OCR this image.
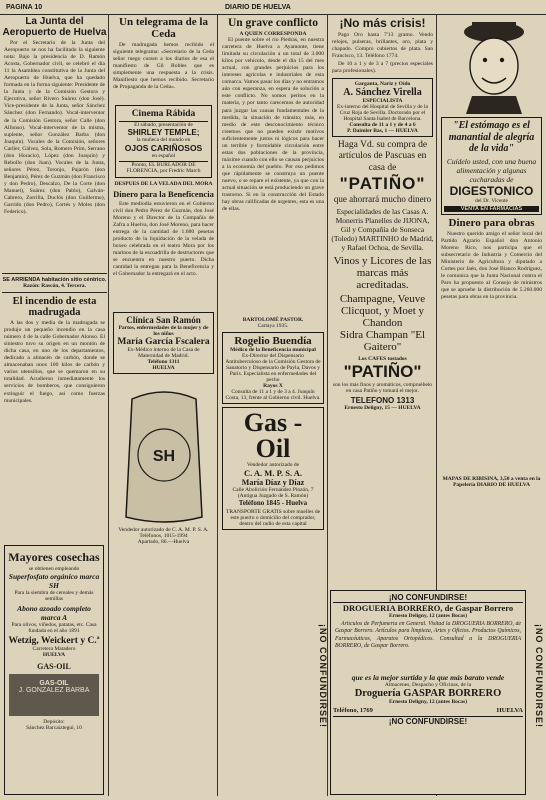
PAGINA 10	DIARIO DE HUELVA
La Junta del Aeropuerto de Huelva

Por el Secretario de la Junta del Aeropuerto se nos ha facilitado la siguiente nota: Bajo la presidencia de D. Ramón Acosta, Gobernador civil, se celebró el día 11 la Asamblea constitutiva de la Junta del Aeropuerto de Huelva, que ha quedado formada en la forma siguiente: Presidente de la Junta y de la Comisión Gestora y Ejecutiva, señor Rivero Suárez (don José). Vice-presidente de la Junta, señor Sánchez Sánchez (don Fernando). Vocal-interventor de la Comisión Gestora, señor Calle (don Alfonso). Vocal-interventor de la misma, suplente, señor González Barba (don Joaquín). Vocales de la Comisión, señores Carlier, Gálvez, Sola, Romero Prim, Serrano (don Horacio), López (don Joaquín) y Rebollo (don Juan). Vocales de la Junta, señores Pérez, Toronjo, Pajarón (don Benjamín), Pérez de Guzmán (don Francisco y don Pedro), Descalzo, De la Corte (don Manuel), Suárez (don Pablo), Galván-Cabrero, Zorrilla, Duclós (don Guillermo), Garrido (don Pedro), Cortés y Moles (don Federico).

SE ARRIENDA habitación sitio céntrico.
Razón: Rascón, 4. Tercera.
El incendio de esta madrugada

A las dos y media de la madrugada se produjo un pequeño incendio en la casa número 4 de la calle Gobernador Alonso. El siniestro tuvo su origen en un montón de dicha casa, en uno de los departamentos, dedicado a almacén de carbón, donde se almacenaban unos 100 kilos de carbón y varios utensilios, que se quemaron en su totalidad. Acudieron inmediatamente los servicios de bomberos, que consiguieron extinguir el fuego, así como fuerzas municipales.

Un telegrama de la Ceda

De madrugada hemos recibido el siguiente telegrama: «Secretario de la Ceda señor ruego cursen a los diarios de esa el manifiesto de Gil Robles que es simplemente una respuesta a la crisis. Manifiesto que hemos recibido. Secretario de Propaganda de la Ceda».

Cinema Rábida
El sábado, presentación de
SHIRLEY TEMPLE;
la muñeca del mundo en
OJOS CARIÑOSOS
en español
Pronto, EL BURLADOR DE FLORENCIA, por Fredric March
DESPUES DE LA VELADA DEL MORA
Dinero para la Beneficencia

Este mediodía estuvieron en el Gobierno civil don Pedro Pérez de Guzmán, don José Moreno y el Director de la Compañía de Zafra a Huelva, don José Moreno, para hacer entrega de la cantidad de 1.680 pesetas producto de la liquidación de la velada de boxeo celebrada en el teatro Mora por los marinos de la escuadrilla de destructores que se encuentra en nuestro puerto. Dicha cantidad la entregan para la Beneficencia y el Gobernador la entregará en el acto.

Clínica San Ramón
Partos, enfermedades de la mujer y de los niños
María García Fscalera
Ex-Médico interno de la Casa de Maternidad de Madrid.
Teléfono 1311
HUELVA
SH
Vendedor autorizado de C. A. M. P. S. A.
Teléfonos, 1015-1994
Apartado, 86.—Huelva
Mayores cosechas
se obtienen empleando
Superfosfato orgánico marca SH
Para la siembra de cereales y demás semillas
Abono azoado completo marca A
Para olivos, viñedos, patatas, etc. Casa fundada en el año 1891
Wetzig, Weickert y C.ª
Carretera Matadero
HUELVA
GAS-OIL
GAS-OIL
J. GONZALEZ BARBA
Depósito:
Sánchez Barcaiztegui, 10
Un grave conflicto
A QUIEN CORRESPONDA

El puente sobre el río Piedras, en nuestra carretera de Huelva a Ayamonte, tiene limitada su circulación a un total de 3.000 kilos por vehículo, desde el día 15 del mes actual, con grandes perjuicios para los intereses agrícolas e industriales de esta comarca. Vamos pasar los días y no entramos aún con esperanza, en espera de solución a este conflicto. No somos peritos en la materia, y por tanto carecemos de autoridad para juzgar las causas fundamentales de la medida, la situación de tránsito; más, en medio de este desconocimiento técnico creemos que no pueden existir motivos suficientemente justos ni lógicos para hacer un terrible y formidable circulación entre estas dos poblaciones de la provincia, máxime cuando con ello se causan perjuicios a la economía del pueblo. Por eso pedimos que rápidamente se construya un puente nuevo, o se repare el existente, ya que con la actual situación se está produciendo un grave trastorno. Si en la construcción del Estado hay obras calificadas de urgentes, esta es una de ellas.

BARTOLOMÉ PASTOR.
Cartaya 1935.
Rogelio Buendía
Médico de la Beneficencia municipal
Ex-Director del Dispensario Antituberculoso de la Comisión Gestora de Sanatorio y Dispensario de Payla, Davos y París. Especialista en enfermedades del pecho
Rayos X
Consulta de 11 a 1 y de 3 a 4. Joaquín Costa, 13, frente al Gobierno civil. Huelva.
Gas - Oil
Vendedor autorizado de
C. A. M. P. S. A.
María Díaz y Díaz
Calle Abolición Fernández Pinzón, 7 (Antigua Juzgado de S. Ramón)
Teléfono 1845 - Huelva
TRANSPORTE GRATIS sobre muelles de este puerto o domicilio del comprador, dentro del radio de esta capital
¡No más crisis!

Pago Oro hasta 7'13 gramo. Vendo relojes, pulseras, brillantes, oro, plata y chapado. Compro cubiertos de plata. San Francisco, 13. Teléfono 1774.

De 10 a 1 y de 3 a 7 (precios especiales para profesionales).

Garganta, Nariz y Oído
A. Sánchez Virella
ESPECIALISTA
Ex-interno del Hospital de Sevilla y de la Cruz Roja de Sevilla. Doctorado por el Hospital Santa Isabel de Barcelona.
Consulta de 11 a 1 y de 4 a 6
P. Daimler Bas, 1 — HUELVA
Haga Vd. su compra de artículos de Pascuas en casa de
"PATIÑO"
que ahorrará mucho dinero
Especialidades de las Casas A. Monerris Planelles de JIJONA,
Gil y Compañía de Sonseca (Toledo) MARTINHO de Madrid, y Rafael Ochoa, de Sevilla.
Vinos y Licores de las marcas más acreditadas.
Champagne, Veuve Clicquot, y Moet y Chandon
Sidra Champan "El Gaitero"
Los CAFES tostados
"PATIÑO"
son los más finos y aromáticos, compruébelo en casa Patiño y tomará el mejor.
TELEFONO 1313
Ernesto Deligny, 15 — HUELVA
"El estómago es el manantial de alegría de la vida"
Cuídelo usted, con una buena alimentación y algunas cucharadas de
DIGESTONICO
del Dr. Vicente
VENTA EN FARMACIAS
Dinero para obras

Nuestro querido amigo el señor local del Partido Agrario Español don Antonio Moreno Rico, nos participa que el subsecretario de Industria y Comercio del Ministerio de Agricultura y diputado a Cortes por Jaén, don José Blanco Rodríguez, le comunica que la Junta Nacional contra el Paro ha propuesto al Consejo de ministros que se apruebe la distribución de 5.260.000 pesetas para obras en la provincia.

MAPAS DE RIBISINA, 3,50 a venta en la Papelería DIARIO DE HUELVA
¡NO CONFUNDIRSE!
DROGUERIA BORRERO, de Gaspar Borrero
Ernesto Deligny, 12 (antes Bocas)

Artículos de Perfumería en General. Visitad la DROGUERIA BORRERO, de Gaspar Borrero. Artículos para limpieza, Artes y Oficios. Productos Químicos, Farmacéuticos, Aparatos Ortopédicos. Consultad a la DROGUERIA BORRERO, de Gaspar Borrero.

que es la mejor surtida y la que más barato vende
Almacenes, Despacho y Oficinas, de la
Droguería GASPAR BORRERO
Ernesto Deligny, 12 (antes Bocas)
Teléfono, 1769	HUELVA
¡NO CONFUNDIRSE!	¡NO CONFUNDIRSE!
¡NO CONFUNDIRSE!
